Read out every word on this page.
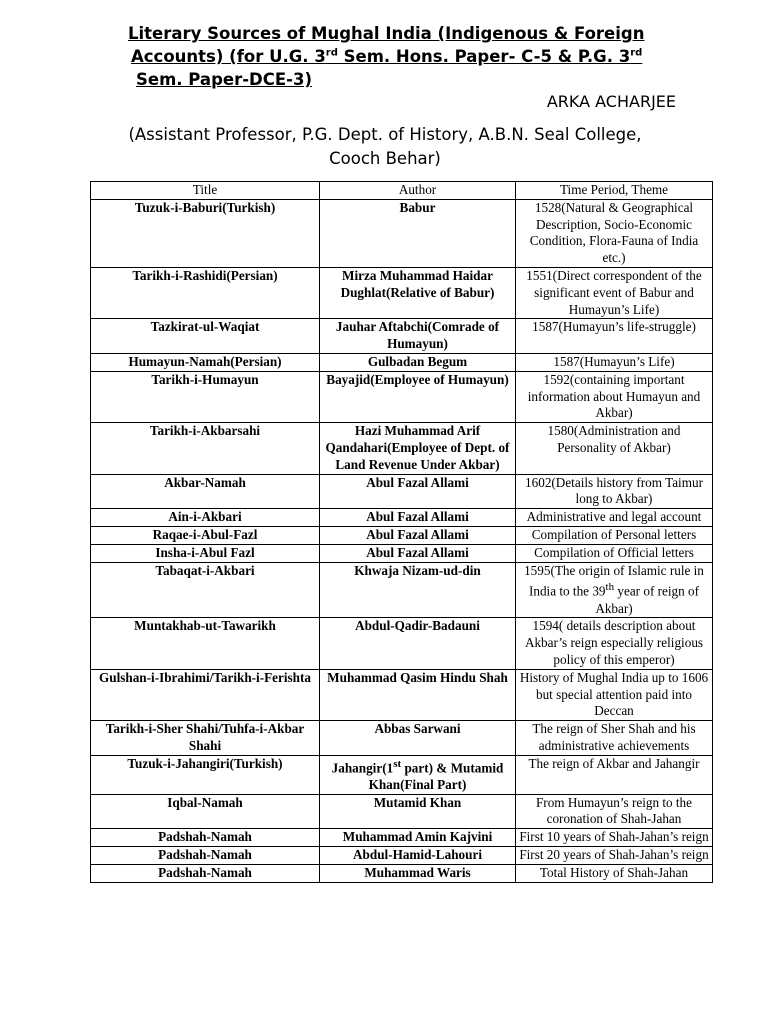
Literary Sources of Mughal India (Indigenous & Foreign
Accounts) (for U.G. 3rd Sem. Hons. Paper- C-5 & P.G. 3rd
Sem. Paper-DCE-3)
ARKA ACHARJEE
(Assistant Professor, P.G. Dept. of History, A.B.N. Seal College,
Cooch Behar)
Title	Author	Time Period, Theme
Tuzuk-i-Baburi(Turkish)	Babur	1528(Natural & Geographical Description, Socio-Economic Condition, Flora-Fauna of India etc.)
Tarikh-i-Rashidi(Persian)	Mirza Muhammad Haidar Dughlat(Relative of Babur)	1551(Direct correspondent of the significant event of Babur and Humayun’s Life)
Tazkirat-ul-Waqiat	Jauhar Aftabchi(Comrade of Humayun)	1587(Humayun’s life-struggle)
Humayun-Namah(Persian)	Gulbadan Begum	1587(Humayun’s Life)
Tarikh-i-Humayun	Bayajid(Employee of Humayun)	1592(containing important information about Humayun and Akbar)
Tarikh-i-Akbarsahi	Hazi Muhammad Arif Qandahari(Employee of Dept. of Land Revenue Under Akbar)	1580(Administration and Personality of Akbar)
Akbar-Namah	Abul Fazal Allami	1602(Details history from Taimur long to Akbar)
Ain-i-Akbari	Abul Fazal Allami	Administrative and legal account
Raqae-i-Abul-Fazl	Abul Fazal Allami	Compilation of Personal letters
Insha-i-Abul Fazl	Abul Fazal Allami	Compilation of Official letters
Tabaqat-i-Akbari	Khwaja Nizam-ud-din	1595(The origin of Islamic rule in India to the 39th year of reign of Akbar)
Muntakhab-ut-Tawarikh	Abdul-Qadir-Badauni	1594( details description about Akbar’s reign especially religious policy of this emperor)
Gulshan-i-Ibrahimi/Tarikh-i-Ferishta	Muhammad Qasim Hindu Shah	History of Mughal India up to 1606 but special attention paid into Deccan
Tarikh-i-Sher Shahi/Tuhfa-i-Akbar Shahi	Abbas Sarwani	The reign of Sher Shah and his administrative achievements
Tuzuk-i-Jahangiri(Turkish)	Jahangir(1st part) & Mutamid Khan(Final Part)	The reign of Akbar and Jahangir
Iqbal-Namah	Mutamid Khan	From Humayun’s reign to the coronation of Shah-Jahan
Padshah-Namah	Muhammad Amin Kajvini	First 10 years of Shah-Jahan’s reign
Padshah-Namah	Abdul-Hamid-Lahouri	First 20 years of Shah-Jahan’s reign
Padshah-Namah	Muhammad Waris	Total History of Shah-Jahan
